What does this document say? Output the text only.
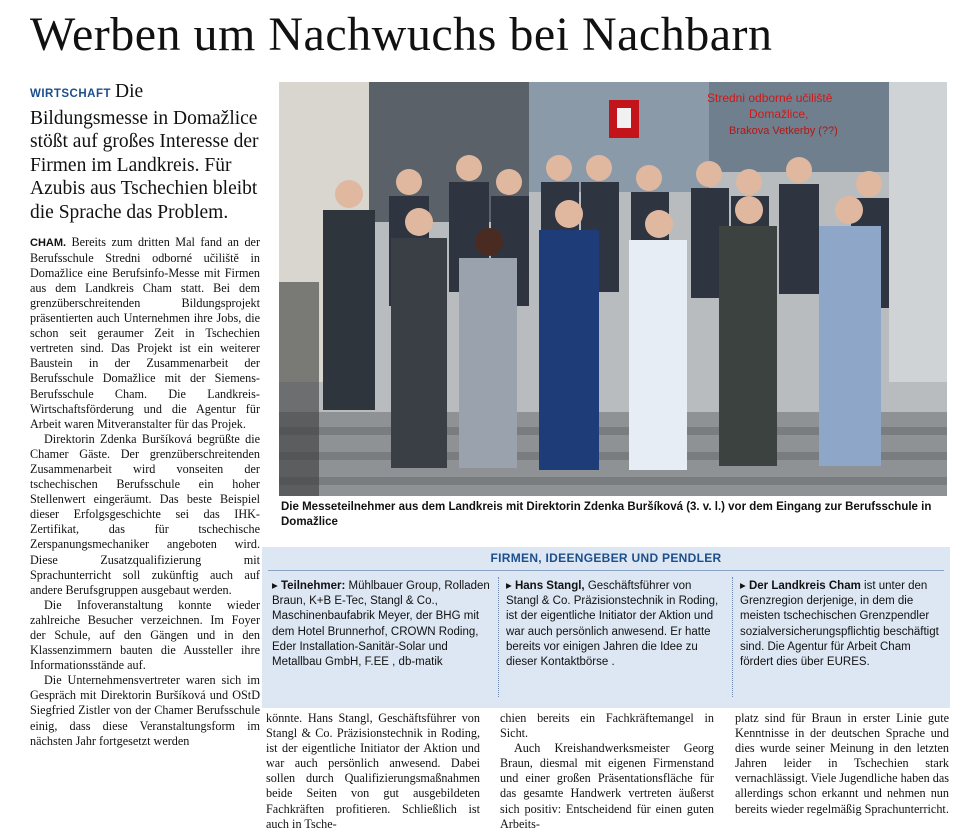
Werben um Nachwuchs bei Nachbarn

WIRTSCHAFT Die Bildungsmesse in Domažlice stößt auf großes Interesse der Firmen im Landkreis. Für Azubis aus Tschechien bleibt die Sprache das Problem.

CHAM. Bereits zum dritten Mal fand an der Berufsschule Stredni odborné učiliště in Domažlice eine Berufsinfo-Messe mit Firmen aus dem Landkreis Cham statt. Bei dem grenzüberschreitenden Bildungsprojekt präsentierten auch Unternehmen ihre Jobs, die schon seit geraumer Zeit in Tschechien vertreten sind. Das Projekt ist ein weiterer Baustein in der Zusammenarbeit der Berufsschule Domažlice mit der Siemens-Berufsschule Cham. Die Landkreis-Wirtschaftsförderung und die Agentur für Arbeit waren Mitveranstalter für das Projek.

Direktorin Zdenka Buršíková begrüßte die Chamer Gäste. Der grenzüberschreitenden Zusammenarbeit wird vonseiten der tschechischen Berufsschule ein hoher Stellenwert eingeräumt. Das beste Beispiel dieser Erfolgsgeschichte sei das IHK-Zertifikat, das für tschechische Zerspanungsmechaniker angeboten wird. Diese Zusatzqualifizierung mit Sprachunterricht soll zukünftig auch auf andere Berufsgruppen ausgebaut werden.

Die Infoveranstaltung konnte wieder zahlreiche Besucher verzeichnen. Im Foyer der Schule, auf den Gängen und in den Klassenzimmern bauten die Aussteller ihre Informationsstände auf.

Die Unternehmensvertreter waren sich im Gespräch mit Direktorin Buršíková und OStD Siegfried Zistler von der Chamer Berufsschule einig, dass diese Veranstaltungsform im nächsten Jahr fortgesetzt werden

Stredni odborné učiliště
Domažlice,
Brakova Vetkerby (??)

Die Messeteilnehmer aus dem Landkreis mit Direktorin Zdenka Buršíková (3. v. l.) vor dem Eingang zur Berufsschule in Domažlice

FIRMEN, IDEENGEBER UND PENDLER

▸ Teilnehmer: Mühlbauer Group, Rolladen Braun, K+B E-Tec, Stangl & Co., Maschinenbaufabrik Meyer, der BHG mit dem Hotel Brunnerhof, CROWN Roding, Eder Installation-Sanitär-Solar und Metallbau GmbH, F.EE , db-matik

▸ Hans Stangl, Geschäftsführer von Stangl & Co. Präzisionstechnik in Roding, ist der eigentliche Initiator der Aktion und war auch persönlich anwesend. Er hatte bereits vor einigen Jahren die Idee zu dieser Kontaktbörse .

▸ Der Landkreis Cham ist unter den Grenzregion derjenige, in dem die meisten tschechischen Grenzpendler sozialversicherungspflichtig beschäftigt sind. Die Agentur für Arbeit Cham fördert dies über EURES.

könnte. Hans Stangl, Geschäftsführer von Stangl & Co. Präzisionstechnik in Roding, ist der eigentliche Initiator der Aktion und war auch persönlich anwesend. Dabei sollen durch Qualifizierungsmaßnahmen beide Seiten von gut ausgebildeten Fachkräften profitieren. Schließlich ist auch in Tsche-
chien bereits ein Fachkräftemangel in Sicht.
Auch Kreishandwerksmeister Georg Braun, diesmal mit eigenen Firmenstand und einer großen Präsentationsfläche für das gesamte Handwerk vertreten äußerst sich positiv: Entscheidend für einen guten Arbeits-
platz sind für Braun in erster Linie gute Kenntnisse in der deutschen Sprache und dies wurde seiner Meinung in den letzten Jahren leider in Tschechien stark vernachlässigt. Viele Jugendliche haben das allerdings schon erkannt und nehmen nun bereits wieder regelmäßig Sprachunterricht.
